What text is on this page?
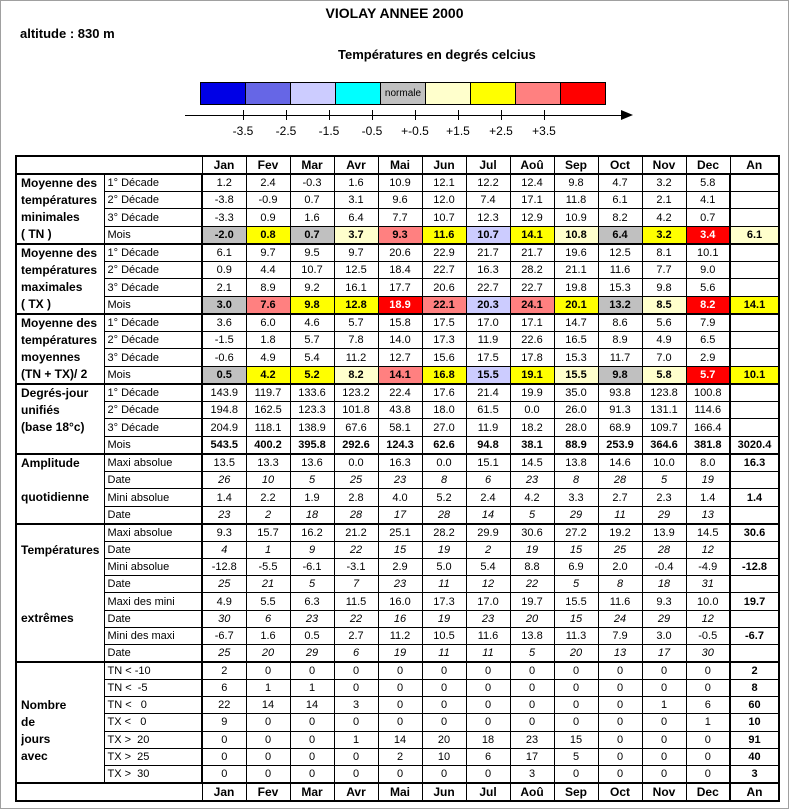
VIOLAY ANNEE 2000
altitude : 830 m
Températures en degrés celcius
normale
-3.5	-2.5	-1.5	-0.5	+-0.5	+1.5	+2.5	+3.5
		Jan	Fev	Mar	Avr	Mai	Jun	Jul	Aoû	Sep	Oct	Nov	Dec	An

Moyenne des
températures
minimales
( TN )	1° Décade	1.2	2.4	-0.3	1.6	10.9	12.1	12.2	12.4	9.8	4.7	3.2	5.8	
	2° Décade	-3.8	-0.9	0.7	3.1	9.6	12.0	7.4	17.1	11.8	6.1	2.1	4.1	
	3° Décade	-3.3	0.9	1.6	6.4	7.7	10.7	12.3	12.9	10.9	8.2	4.2	0.7	
	Mois	-2.0	0.8	0.7	3.7	9.3	11.6	10.7	14.1	10.8	6.4	3.2	3.4	6.1

Moyenne des
températures
maximales
( TX )	1° Décade	6.1	9.7	9.5	9.7	20.6	22.9	21.7	21.7	19.6	12.5	8.1	10.1	
	2° Décade	0.9	4.4	10.7	12.5	18.4	22.7	16.3	28.2	21.1	11.6	7.7	9.0	
	3° Décade	2.1	8.9	9.2	16.1	17.7	20.6	22.7	22.7	19.8	15.3	9.8	5.6	
	Mois	3.0	7.6	9.8	12.8	18.9	22.1	20.3	24.1	20.1	13.2	8.5	8.2	14.1

Moyenne des
températures
moyennes
(TN + TX)/ 2	1° Décade	3.6	6.0	4.6	5.7	15.8	17.5	17.0	17.1	14.7	8.6	5.6	7.9	
	2° Décade	-1.5	1.8	5.7	7.8	14.0	17.3	11.9	22.6	16.5	8.9	4.9	6.5	
	3° Décade	-0.6	4.9	5.4	11.2	12.7	15.6	17.5	17.8	15.3	11.7	7.0	2.9	
	Mois	0.5	4.2	5.2	8.2	14.1	16.8	15.5	19.1	15.5	9.8	5.8	5.7	10.1

Degrés-jour
unifiés
(base 18°c)	1° Décade	143.9	119.7	133.6	123.2	22.4	17.6	21.4	19.9	35.0	93.8	123.8	100.8	
	2° Décade	194.8	162.5	123.3	101.8	43.8	18.0	61.5	0.0	26.0	91.3	131.1	114.6	
	3° Décade	204.9	118.1	138.9	67.6	58.1	27.0	11.9	18.2	28.0	68.9	109.7	166.4	
	Mois	543.5	400.2	395.8	292.6	124.3	62.6	94.8	38.1	88.9	253.9	364.6	381.8	3020.4

Amplitude
quotidienne	Maxi absolue	13.5	13.3	13.6	0.0	16.3	0.0	15.1	14.5	13.8	14.6	10.0	8.0	16.3
	Date	26	10	5	25	23	8	6	23	8	28	5	19	
	Mini absolue	1.4	2.2	1.9	2.8	4.0	5.2	2.4	4.2	3.3	2.7	2.3	1.4	1.4
	Date	23	2	18	28	17	28	14	5	29	11	29	13	

Températures
extrêmes	Maxi absolue	9.3	15.7	16.2	21.2	25.1	28.2	29.9	30.6	27.2	19.2	13.9	14.5	30.6
	Date	4	1	9	22	15	19	2	19	15	25	28	12	
	Mini absolue	-12.8	-5.5	-6.1	-3.1	2.9	5.0	5.4	8.8	6.9	2.0	-0.4	-4.9	-12.8
	Date	25	21	5	7	23	11	12	22	5	8	18	31	
	Maxi des mini	4.9	5.5	6.3	11.5	16.0	17.3	17.0	19.7	15.5	11.6	9.3	10.0	19.7
	Date	30	6	23	22	16	19	23	20	15	24	29	12	
	Mini des maxi	-6.7	1.6	0.5	2.7	11.2	10.5	11.6	13.8	11.3	7.9	3.0	-0.5	-6.7
	Date	25	20	29	6	19	11	11	5	20	13	17	30	

Nombre
de
jours
avec	TN < -10	2	0	0	0	0	0	0	0	0	0	0	0	2
	TN <  -5	6	1	1	0	0	0	0	0	0	0	0	0	8
	TN <   0	22	14	14	3	0	0	0	0	0	0	1	6	60
	TX <   0	9	0	0	0	0	0	0	0	0	0	0	1	10
	TX >  20	0	0	0	1	14	20	18	23	15	0	0	0	91
	TX >  25	0	0	0	0	2	10	6	17	5	0	0	0	40
	TX >  30	0	0	0	0	0	0	0	3	0	0	0	0	3
		Jan	Fev	Mar	Avr	Mai	Jun	Jul	Aoû	Sep	Oct	Nov	Dec	An
